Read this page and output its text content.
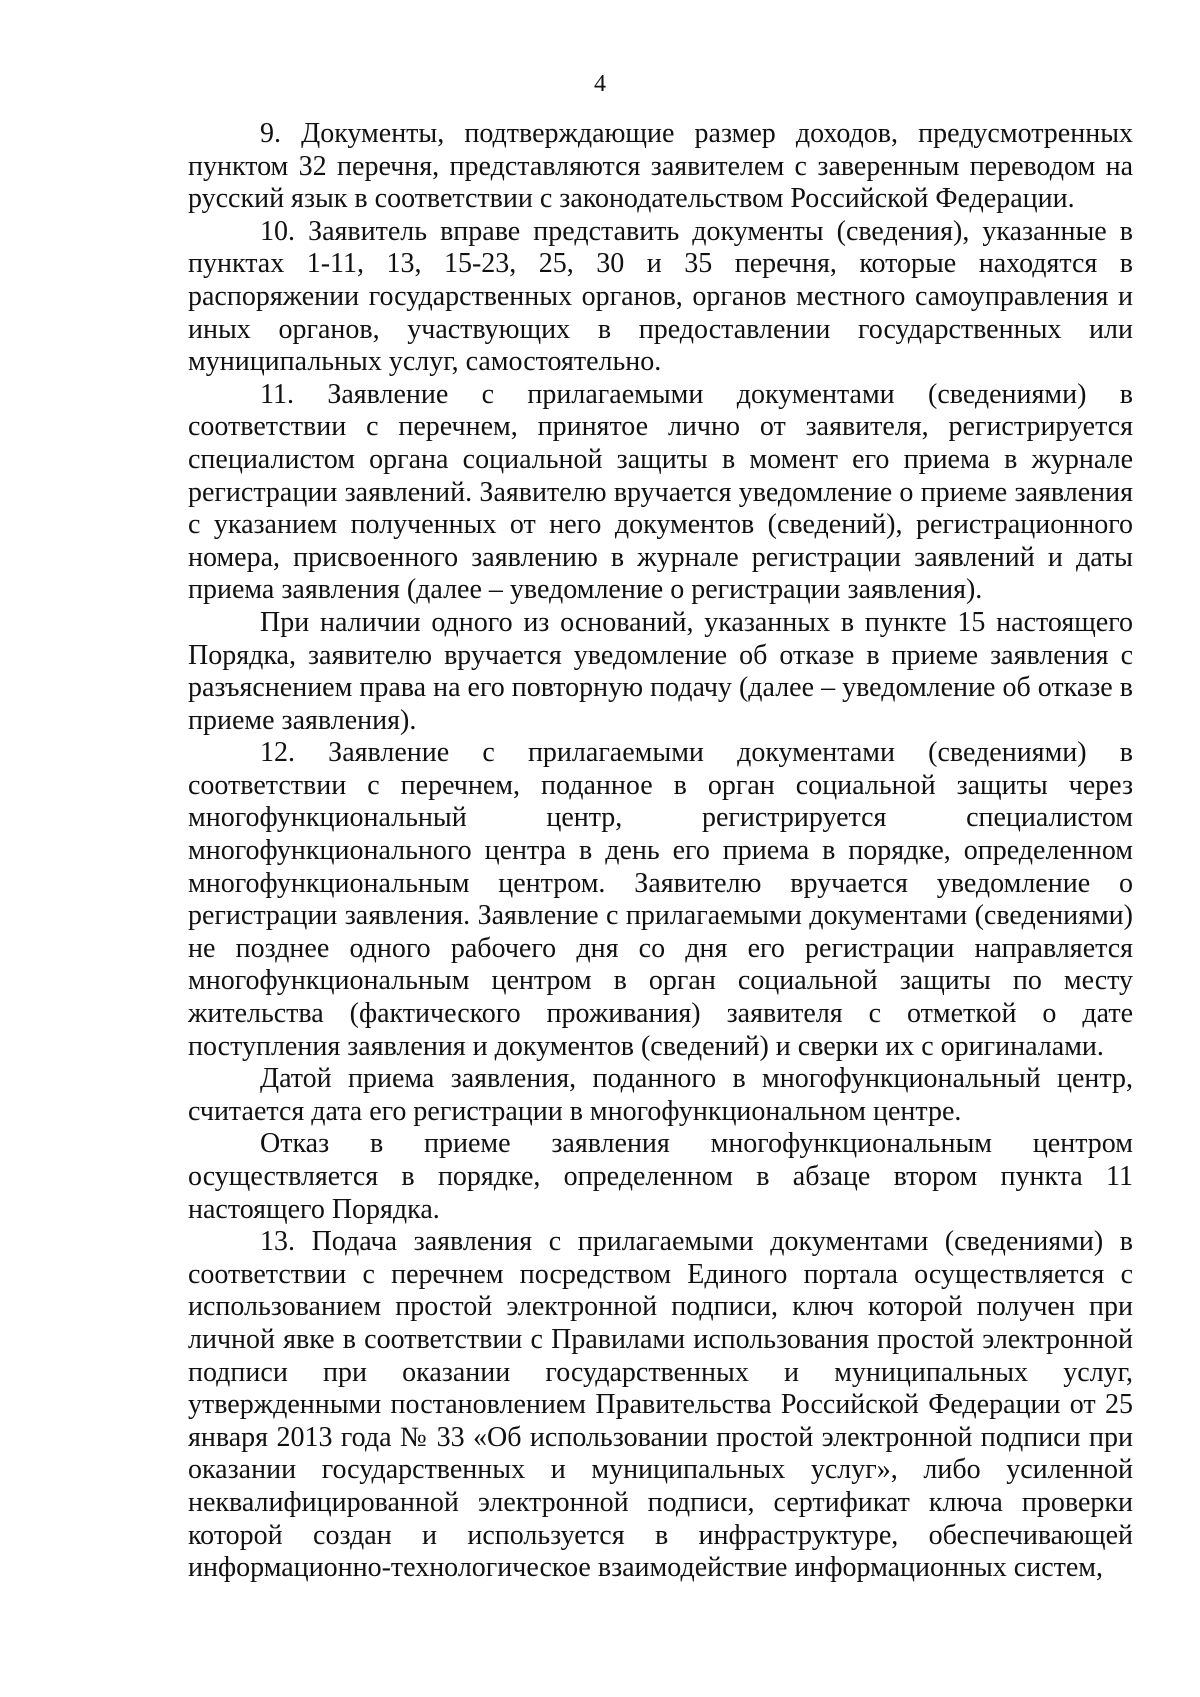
4

9. Документы, подтверждающие размер доходов, предусмотренных пунктом 32 перечня, представляются заявителем с заверенным переводом на русский язык в соответствии с законодательством Российской Федерации.

10. Заявитель вправе представить документы (сведения), указанные в пунктах 1-11, 13, 15-23, 25, 30 и 35 перечня, которые находятся в распоряжении государственных органов, органов местного самоуправления и иных органов, участвующих в предоставлении государственных или муниципальных услуг, самостоятельно.

11. Заявление с прилагаемыми документами (сведениями) в соответствии с перечнем, принятое лично от заявителя, регистрируется специалистом органа социальной защиты в момент его приема в журнале регистрации заявлений. Заявителю вручается уведомление о приеме заявления с указанием полученных от него документов (сведений), регистрационного номера, присвоенного заявлению в журнале регистрации заявлений и даты приема заявления (далее – уведомление о регистрации заявления).

При наличии одного из оснований, указанных в пункте 15 настоящего Порядка, заявителю вручается уведомление об отказе в приеме заявления с разъяснением права на его повторную подачу (далее – уведомление об отказе в приеме заявления).

12. Заявление с прилагаемыми документами (сведениями) в соответствии с перечнем, поданное в орган социальной защиты через многофункциональный центр, регистрируется специалистом многофункционального центра в день его приема в порядке, определенном многофункциональным центром. Заявителю вручается уведомление о регистрации заявления. Заявление с прилагаемыми документами (сведениями) не позднее одного рабочего дня со дня его регистрации направляется многофункциональным центром в орган социальной защиты по месту жительства (фактического проживания) заявителя с отметкой о дате поступления заявления и документов (сведений) и сверки их с оригиналами.

Датой приема заявления, поданного в многофункциональный центр, считается дата его регистрации в многофункциональном центре.

Отказ в приеме заявления многофункциональным центром осуществляется в порядке, определенном в абзаце втором пункта 11 настоящего Порядка.

13. Подача заявления с прилагаемыми документами (сведениями) в соответствии с перечнем посредством Единого портала осуществляется с использованием простой электронной подписи, ключ которой получен при личной явке в соответствии с Правилами использования простой электронной подписи при оказании государственных и муниципальных услуг, утвержденными постановлением Правительства Российской Федерации от 25 января 2013 года № 33 «Об использовании простой электронной подписи при оказании государственных и муниципальных услуг», либо усиленной неквалифицированной электронной подписи, сертификат ключа проверки которой создан и используется в инфраструктуре, обеспечивающей информационно-технологическое взаимодействие информационных систем,
